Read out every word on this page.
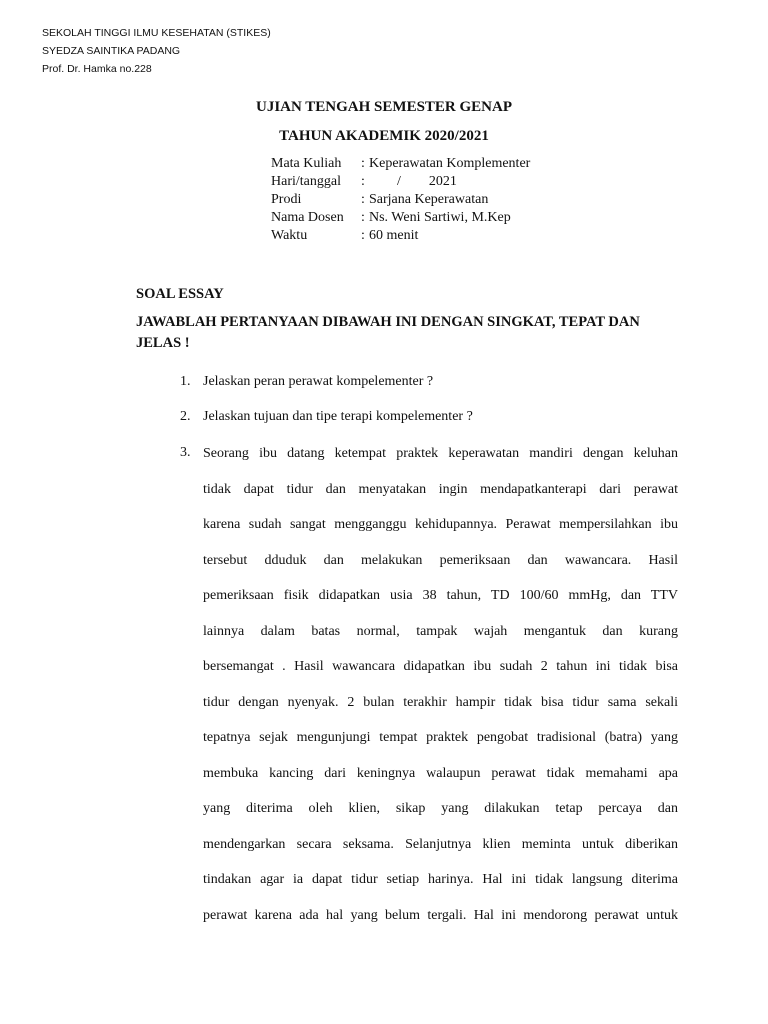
SEKOLAH TINGGI ILMU KESEHATAN (STIKES)
SYEDZA SAINTIKA PADANG
Prof. Dr. Hamka no.228
UJIAN TENGAH SEMESTER GENAP
TAHUN AKADEMIK 2020/2021
Mata Kuliah	: Keperawatan Komplementer
Hari/tanggal	: /        2021
Prodi	: Sarjana Keperawatan
Nama Dosen	: Ns. Weni Sartiwi, M.Kep
Waktu	: 60 menit
SOAL ESSAY
JAWABLAH PERTANYAAN DIBAWAH INI DENGAN SINGKAT, TEPAT DAN JELAS !
1. Jelaskan peran perawat kompelementer ?
2. Jelaskan tujuan dan tipe terapi kompelementer ?
3. Seorang ibu datang ketempat praktek keperawatan mandiri dengan keluhan
tidak dapat tidur dan menyatakan ingin mendapatkanterapi dari perawat
karena sudah sangat mengganggu kehidupannya. Perawat mempersilahkan ibu
tersebut dduduk dan melakukan pemeriksaan dan wawancara. Hasil
pemeriksaan fisik didapatkan usia 38 tahun, TD 100/60 mmHg, dan TTV
lainnya dalam batas normal, tampak wajah mengantuk dan kurang
bersemangat . Hasil wawancara didapatkan ibu sudah 2 tahun ini tidak bisa
tidur dengan nyenyak. 2 bulan terakhir hampir tidak bisa tidur sama sekali
tepatnya sejak mengunjungi tempat praktek pengobat tradisional (batra) yang
membuka kancing dari keningnya walaupun perawat tidak memahami apa
yang diterima oleh klien, sikap yang dilakukan tetap percaya dan
mendengarkan secara seksama. Selanjutnya klien meminta untuk diberikan
tindakan agar ia dapat tidur setiap harinya. Hal ini tidak langsung diterima
perawat karena ada hal yang belum tergali. Hal ini mendorong perawat untuk
